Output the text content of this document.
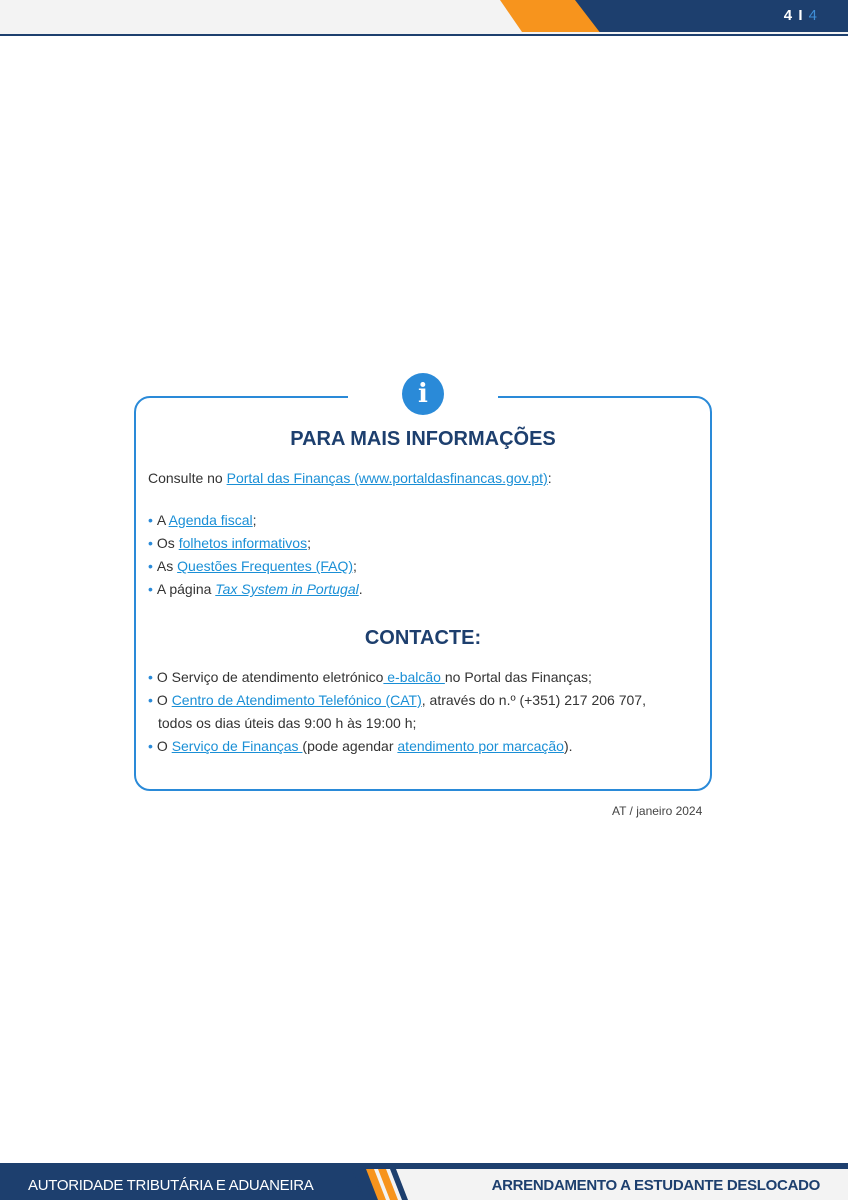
4 I 4
i
PARA MAIS INFORMAÇÕES
Consulte no Portal das Finanças (www.portaldasfinancas.gov.pt):
• A Agenda fiscal;
• Os folhetos informativos;
• As Questões Frequentes (FAQ);
• A página Tax System in Portugal.
CONTACTE:
• O Serviço de atendimento eletrónico e-balcão no Portal das Finanças;
• O Centro de Atendimento Telefónico (CAT), através do n.º (+351) 217 206 707,
todos os dias úteis das 9:00 h às 19:00 h;
• O Serviço de Finanças (pode agendar atendimento por marcação).
AT / janeiro 2024
AUTORIDADE TRIBUTÁRIA E ADUANEIRA	ARRENDAMENTO A ESTUDANTE DESLOCADO
